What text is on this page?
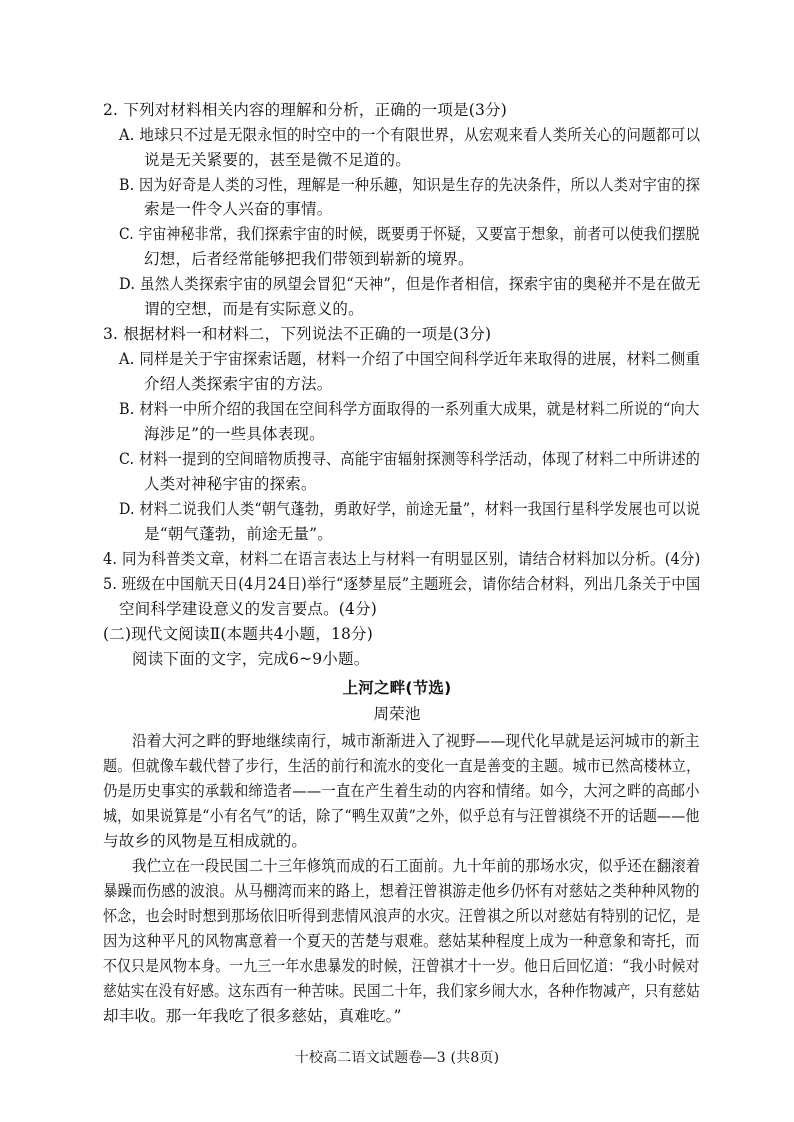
2. 下列对材料相关内容的理解和分析，正确的一项是(3分)
A. 地球只不过是无限永恒的时空中的一个有限世界，从宏观来看人类所关心的问题都可以
说是无关紧要的，甚至是微不足道的。
B. 因为好奇是人类的习性，理解是一种乐趣，知识是生存的先决条件，所以人类对宇宙的探
索是一件令人兴奋的事情。
C. 宇宙神秘非常，我们探索宇宙的时候，既要勇于怀疑，又要富于想象，前者可以使我们摆脱
幻想，后者经常能够把我们带领到崭新的境界。
D. 虽然人类探索宇宙的夙望会冒犯“天神”，但是作者相信，探索宇宙的奥秘并不是在做无
谓的空想，而是有实际意义的。
3. 根据材料一和材料二，下列说法不正确的一项是(3分)
A. 同样是关于宇宙探索话题，材料一介绍了中国空间科学近年来取得的进展，材料二侧重
介绍人类探索宇宙的方法。
B. 材料一中所介绍的我国在空间科学方面取得的一系列重大成果，就是材料二所说的“向大
海涉足”的一些具体表现。
C. 材料一提到的空间暗物质搜寻、高能宇宙辐射探测等科学活动，体现了材料二中所讲述的
人类对神秘宇宙的探索。
D. 材料二说我们人类“朝气蓬勃，勇敢好学，前途无量”，材料一我国行星科学发展也可以说
是“朝气蓬勃，前途无量”。
4. 同为科普类文章，材料二在语言表达上与材料一有明显区别，请结合材料加以分析。(4分)
5. 班级在中国航天日(4月24日)举行“逐梦星辰”主题班会，请你结合材料，列出几条关于中国
空间科学建设意义的发言要点。(4分)
(二)现代文阅读Ⅱ(本题共4小题，18分)
阅读下面的文字，完成6~9小题。
上河之畔(节选)
周荣池
沿着大河之畔的野地继续南行，城市渐渐进入了视野——现代化早就是运河城市的新主
题。但就像车载代替了步行，生活的前行和流水的变化一直是善变的主题。城市已然高楼林立，
仍是历史事实的承载和缔造者——一直在产生着生动的内容和情绪。如今，大河之畔的高邮小
城，如果说算是“小有名气”的话，除了“鸭生双黄”之外，似乎总有与汪曾祺绕不开的话题——他
与故乡的风物是互相成就的。
我伫立在一段民国二十三年修筑而成的石工面前。九十年前的那场水灾，似乎还在翻滚着
暴躁而伤感的波浪。从马棚湾而来的路上，想着汪曾祺游走他乡仍怀有对慈姑之类种种风物的
怀念，也会时时想到那场依旧听得到悲情风浪声的水灾。汪曾祺之所以对慈姑有特别的记忆，是
因为这种平凡的风物寓意着一个夏天的苦楚与艰难。慈姑某种程度上成为一种意象和寄托，而
不仅只是风物本身。一九三一年水患暴发的时候，汪曾祺才十一岁。他日后回忆道：“我小时候对
慈姑实在没有好感。这东西有一种苦味。民国二十年，我们家乡闹大水，各种作物减产，只有慈姑
却丰收。那一年我吃了很多慈姑，真难吃。”
十校高二语文试题卷—3 (共8页)
